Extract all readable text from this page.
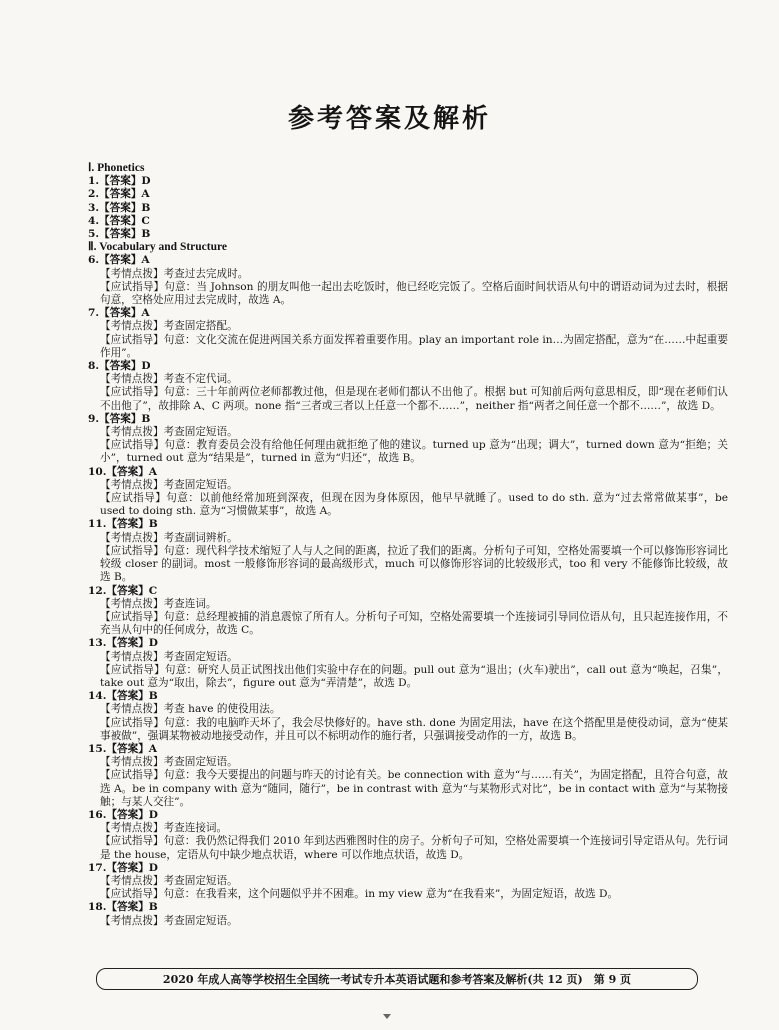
参考答案及解析
Ⅰ. Phonetics
1.【答案】D
2.【答案】A
3.【答案】B
4.【答案】C
5.【答案】B
Ⅱ. Vocabulary and Structure
6.【答案】A
【考情点拨】考查过去完成时。
【应试指导】句意：当 Johnson 的朋友叫他一起出去吃饭时，他已经吃完饭了。空格后面时间状语从句中的谓语动词为过去时，根据句意，空格处应用过去完成时，故选 A。
7.【答案】A
【考情点拨】考查固定搭配。
【应试指导】句意：文化交流在促进两国关系方面发挥着重要作用。play an important role in…为固定搭配，意为“在……中起重要作用”。
8.【答案】D
【考情点拨】考查不定代词。
【应试指导】句意：三十年前两位老师都教过他，但是现在老师们都认不出他了。根据 but 可知前后两句意思相反，即“现在老师们认不出他了”，故排除 A、C 两项。none 指“三者或三者以上任意一个都不……”，neither 指“两者之间任意一个都不……”，故选 D。
9.【答案】B
【考情点拨】考查固定短语。
【应试指导】句意：教育委员会没有给他任何理由就拒绝了他的建议。turned up 意为“出现；调大”，turned down 意为“拒绝；关小”，turned out 意为“结果是”，turned in 意为“归还”，故选 B。
10.【答案】A
【考情点拨】考查固定短语。
【应试指导】句意：以前他经常加班到深夜，但现在因为身体原因，他早早就睡了。used to do sth. 意为“过去常常做某事”，be used to doing sth. 意为“习惯做某事”，故选 A。
11.【答案】B
【考情点拨】考查副词辨析。
【应试指导】句意：现代科学技术缩短了人与人之间的距离，拉近了我们的距离。分析句子可知，空格处需要填一个可以修饰形容词比较级 closer 的副词。most 一般修饰形容词的最高级形式，much 可以修饰形容词的比较级形式，too 和 very 不能修饰比较级，故选 B。
12.【答案】C
【考情点拨】考查连词。
【应试指导】句意：总经理被捕的消息震惊了所有人。分析句子可知，空格处需要填一个连接词引导同位语从句，且只起连接作用，不充当从句中的任何成分，故选 C。
13.【答案】D
【考情点拨】考查固定短语。
【应试指导】句意：研究人员正试图找出他们实验中存在的问题。pull out 意为“退出；(火车)驶出”，call out 意为“唤起，召集”，take out 意为“取出，除去”，figure out 意为“弄清楚”，故选 D。
14.【答案】B
【考情点拨】考查 have 的使役用法。
【应试指导】句意：我的电脑昨天坏了，我会尽快修好的。have sth. done 为固定用法，have 在这个搭配里是使役动词，意为“使某事被做”，强调某物被动地接受动作，并且可以不标明动作的施行者，只强调接受动作的一方，故选 B。
15.【答案】A
【考情点拨】考查固定短语。
【应试指导】句意：我今天要提出的问题与昨天的讨论有关。be connection with 意为“与……有关”，为固定搭配，且符合句意，故选 A。be in company with 意为“随同，随行”，be in contrast with 意为“与某物形式对比”，be in contact with 意为“与某物接触；与某人交往”。
16.【答案】D
【考情点拨】考查连接词。
【应试指导】句意：我仍然记得我们 2010 年到达西雅图时住的房子。分析句子可知，空格处需要填一个连接词引导定语从句。先行词是 the house，定语从句中缺少地点状语，where 可以作地点状语，故选 D。
17.【答案】D
【考情点拨】考查固定短语。
【应试指导】句意：在我看来，这个问题似乎并不困难。in my view 意为“在我看来”，为固定短语，故选 D。
18.【答案】B
【考情点拨】考查固定短语。
2020 年成人高等学校招生全国统一考试专升本英语试题和参考答案及解析(共 12 页)　第 9 页
